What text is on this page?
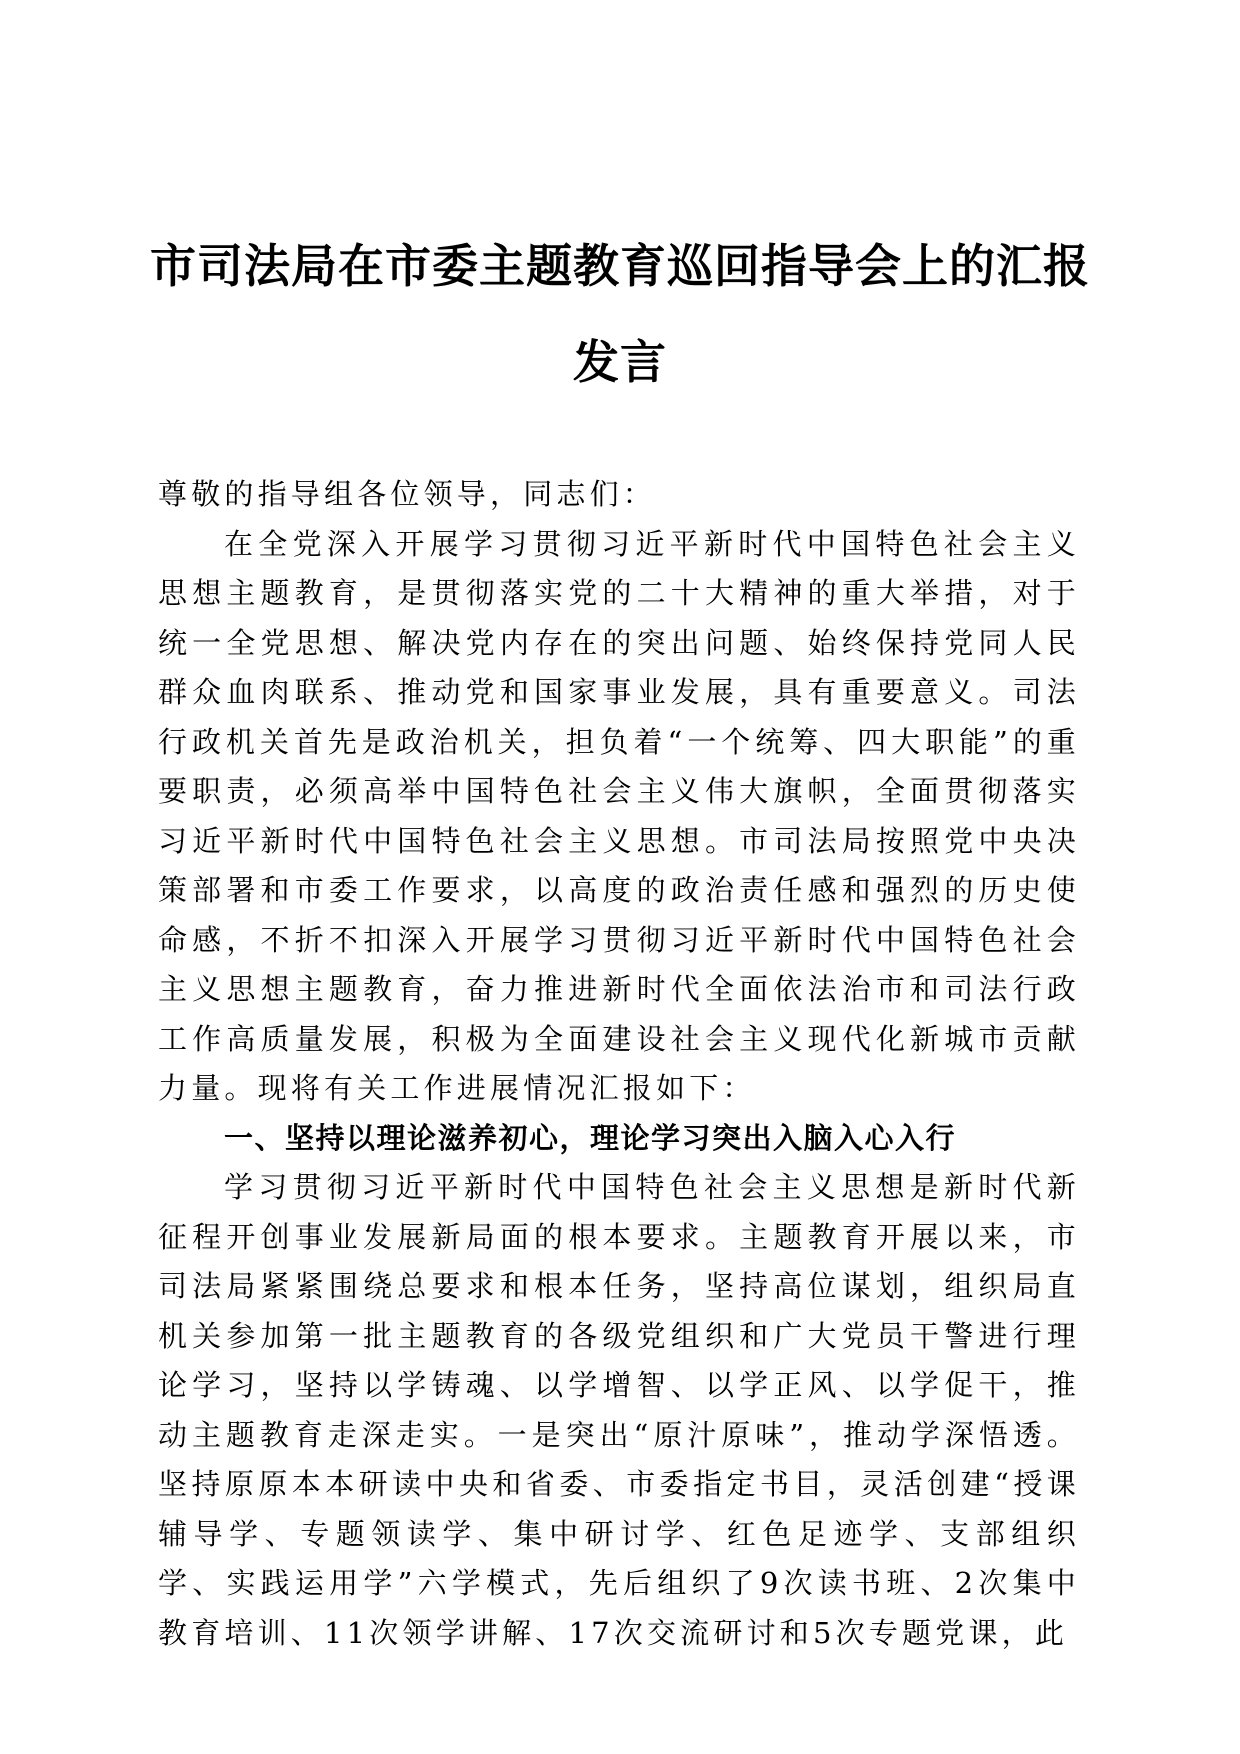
市司法局在市委主题教育巡回指导会上的汇报
发言

尊敬的指导组各位领导，同志们：

在全党深入开展学习贯彻习近平新时代中国特色社会主义思想主题教育，是贯彻落实党的二十大精神的重大举措，对于统一全党思想、解决党内存在的突出问题、始终保持党同人民群众血肉联系、推动党和国家事业发展，具有重要意义。司法行政机关首先是政治机关，担负着“一个统筹、四大职能”的重要职责，必须高举中国特色社会主义伟大旗帜，全面贯彻落实习近平新时代中国特色社会主义思想。市司法局按照党中央决策部署和市委工作要求，以高度的政治责任感和强烈的历史使命感，不折不扣深入开展学习贯彻习近平新时代中国特色社会主义思想主题教育，奋力推进新时代全面依法治市和司法行政工作高质量发展，积极为全面建设社会主义现代化新城市贡献力量。现将有关工作进展情况汇报如下：

一、坚持以理论滋养初心，理论学习突出入脑入心入行

学习贯彻习近平新时代中国特色社会主义思想是新时代新征程开创事业发展新局面的根本要求。主题教育开展以来，市司法局紧紧围绕总要求和根本任务，坚持高位谋划，组织局直机关参加第一批主题教育的各级党组织和广大党员干警进行理论学习，坚持以学铸魂、以学增智、以学正风、以学促干，推动主题教育走深走实。一是突出“原汁原味”，推动学深悟透。坚持原原本本研读中央和省委、市委指定书目，灵活创建“授课辅导学、专题领读学、集中研讨学、红色足迹学、支部组织学、实践运用学”六学模式，先后组织了9次读书班、2次集中教育培训、11次领学讲解、17次交流研讨和5次专题党课，此
